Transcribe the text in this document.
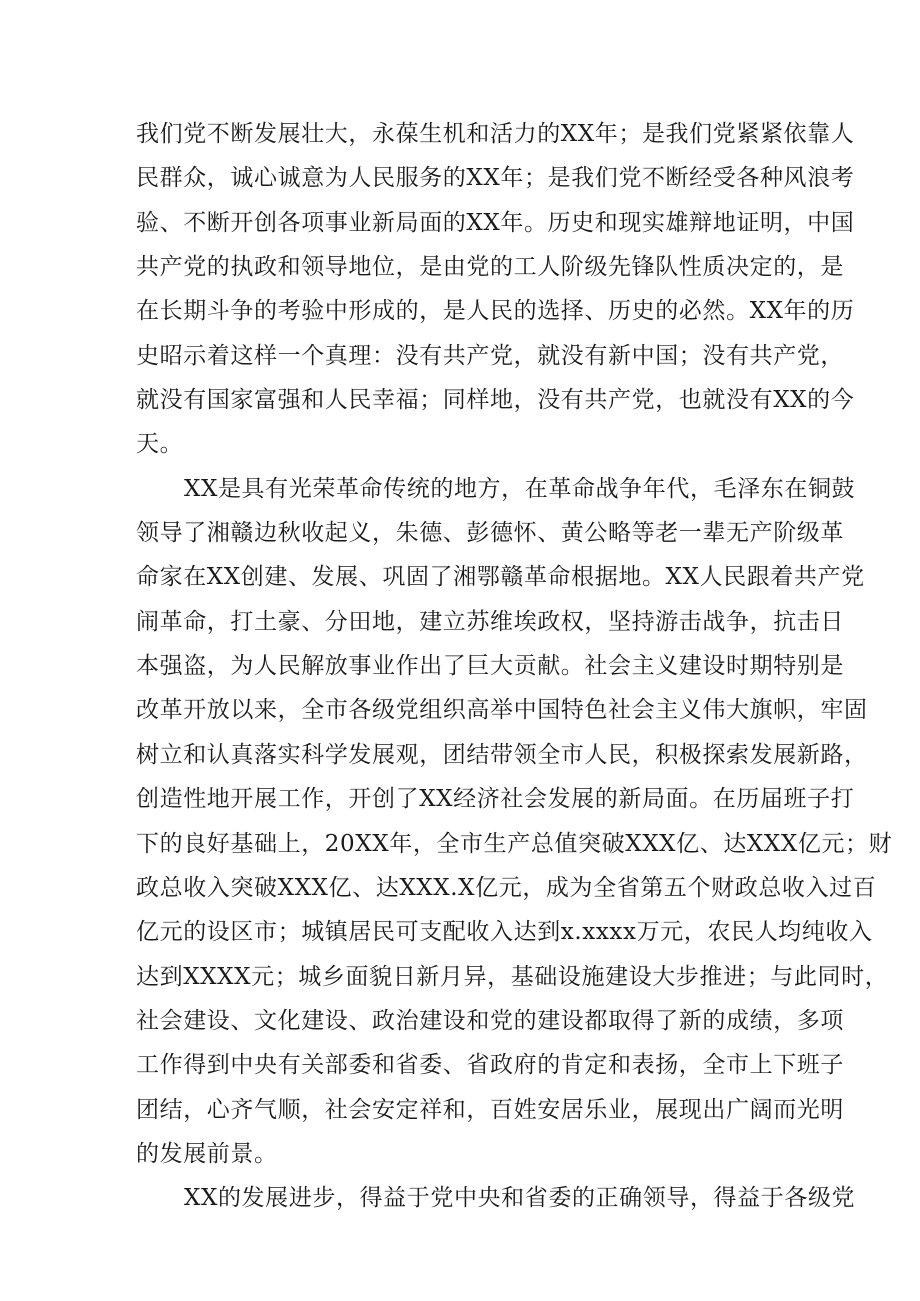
我们党不断发展壮大，永葆生机和活力的XX年；是我们党紧紧依靠人
民群众，诚心诚意为人民服务的XX年；是我们党不断经受各种风浪考
验、不断开创各项事业新局面的XX年。历史和现实雄辩地证明，中国
共产党的执政和领导地位，是由党的工人阶级先锋队性质决定的，是
在长期斗争的考验中形成的，是人民的选择、历史的必然。XX年的历
史昭示着这样一个真理：没有共产党，就没有新中国；没有共产党，
就没有国家富强和人民幸福；同样地，没有共产党，也就没有XX的今
天。
XX是具有光荣革命传统的地方，在革命战争年代，毛泽东在铜鼓
领导了湘赣边秋收起义，朱德、彭德怀、黄公略等老一辈无产阶级革
命家在XX创建、发展、巩固了湘鄂赣革命根据地。XX人民跟着共产党
闹革命，打土豪、分田地，建立苏维埃政权，坚持游击战争，抗击日
本强盗，为人民解放事业作出了巨大贡献。社会主义建设时期特别是
改革开放以来，全市各级党组织高举中国特色社会主义伟大旗帜，牢固
树立和认真落实科学发展观，团结带领全市人民，积极探索发展新路，
创造性地开展工作，开创了XX经济社会发展的新局面。在历届班子打
下的良好基础上，20XX年，全市生产总值突破XXX亿、达XXX亿元；财
政总收入突破XXX亿、达XXX.X亿元，成为全省第五个财政总收入过百
亿元的设区市；城镇居民可支配收入达到x.xxxx万元，农民人均纯收入
达到XXXX元；城乡面貌日新月异，基础设施建设大步推进；与此同时，
社会建设、文化建设、政治建设和党的建设都取得了新的成绩，多项
工作得到中央有关部委和省委、省政府的肯定和表扬，全市上下班子
团结，心齐气顺，社会安定祥和，百姓安居乐业，展现出广阔而光明
的发展前景。
XX的发展进步，得益于党中央和省委的正确领导，得益于各级党
